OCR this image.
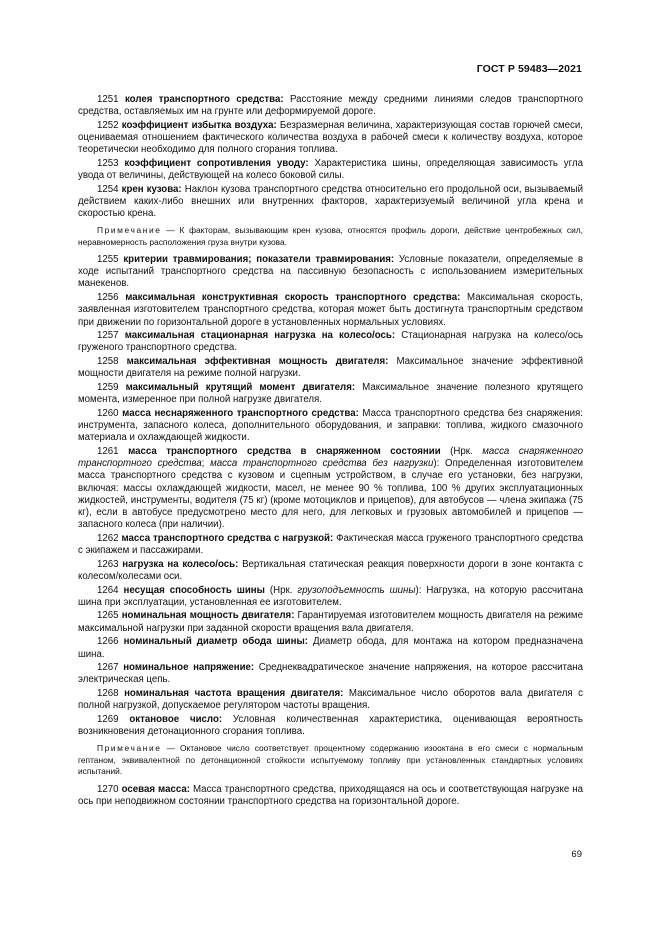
ГОСТ Р 59483—2021

1251 колея транспортного средства: Расстояние между средними линиями следов транспортного средства, оставляемых им на грунте или деформируемой дороге.

1252 коэффициент избытка воздуха: Безразмерная величина, характеризующая состав горючей смеси, оцениваемая отношением фактического количества воздуха в рабочей смеси к количеству воздуха, которое теоретически необходимо для полного сгорания топлива.

1253 коэффициент сопротивления уводу: Характеристика шины, определяющая зависимость угла увода от величины, действующей на колесо боковой силы.

1254 крен кузова: Наклон кузова транспортного средства относительно его продольной оси, вызываемый действием каких-либо внешних или внутренних факторов, характеризуемый величиной угла крена и скоростью крена.

Примечание — К факторам, вызывающим крен кузова, относятся профиль дороги, действие центробежных сил, неравномерность расположения груза внутри кузова.

1255 критерии травмирования; показатели травмирования: Условные показатели, определяемые в ходе испытаний транспортного средства на пассивную безопасность с использованием измерительных манекенов.

1256 максимальная конструктивная скорость транспортного средства: Максимальная скорость, заявленная изготовителем транспортного средства, которая может быть достигнута транспортным средством при движении по горизонтальной дороге в установленных нормальных условиях.

1257 максимальная стационарная нагрузка на колесо/ось: Стационарная нагрузка на колесо/ось груженого транспортного средства.

1258 максимальная эффективная мощность двигателя: Максимальное значение эффективной мощности двигателя на режиме полной нагрузки.

1259 максимальный крутящий момент двигателя: Максимальное значение полезного крутящего момента, измеренное при полной нагрузке двигателя.

1260 масса неснаряженного транспортного средства: Масса транспортного средства без снаряжения: инструмента, запасного колеса, дополнительного оборудования, и заправки: топлива, жидкого смазочного материала и охлаждающей жидкости.

1261 масса транспортного средства в снаряженном состоянии (Нрк. масса снаряженного транспортного средства; масса транспортного средства без нагрузки): Определенная изготовителем масса транспортного средства с кузовом и сцепным устройством, в случае его установки, без нагрузки, включая: массы охлаждающей жидкости, масел, не менее 90 % топлива, 100 % других эксплуатационных жидкостей, инструменты, водителя (75 кг) (кроме мотоциклов и прицепов), для автобусов — члена экипажа (75 кг), если в автобусе предусмотрено место для него, для легковых и грузовых автомобилей и прицепов — запасного колеса (при наличии).

1262 масса транспортного средства с нагрузкой: Фактическая масса груженого транспортного средства с экипажем и пассажирами.

1263 нагрузка на колесо/ось: Вертикальная статическая реакция поверхности дороги в зоне контакта с колесом/колесами оси.

1264 несущая способность шины (Нрк. грузоподъемность шины): Нагрузка, на которую рассчитана шина при эксплуатации, установленная ее изготовителем.

1265 номинальная мощность двигателя: Гарантируемая изготовителем мощность двигателя на режиме максимальной нагрузки при заданной скорости вращения вала двигателя.

1266 номинальный диаметр обода шины: Диаметр обода, для монтажа на котором предназначена шина.

1267 номинальное напряжение: Среднеквадратическое значение напряжения, на которое рассчитана электрическая цепь.

1268 номинальная частота вращения двигателя: Максимальное число оборотов вала двигателя с полной нагрузкой, допускаемое регулятором частоты вращения.

1269 октановое число: Условная количественная характеристика, оценивающая вероятность возникновения детонационного сгорания топлива.

Примечание — Октановое число соответствует процентному содержанию изооктана в его смеси с нормальным гептаном, эквивалентной по детонационной стойкости испытуемому топливу при установленных стандартных условиях испытаний.

1270 осевая масса: Масса транспортного средства, приходящаяся на ось и соответствующая нагрузке на ось при неподвижном состоянии транспортного средства на горизонтальной дороге.

69
